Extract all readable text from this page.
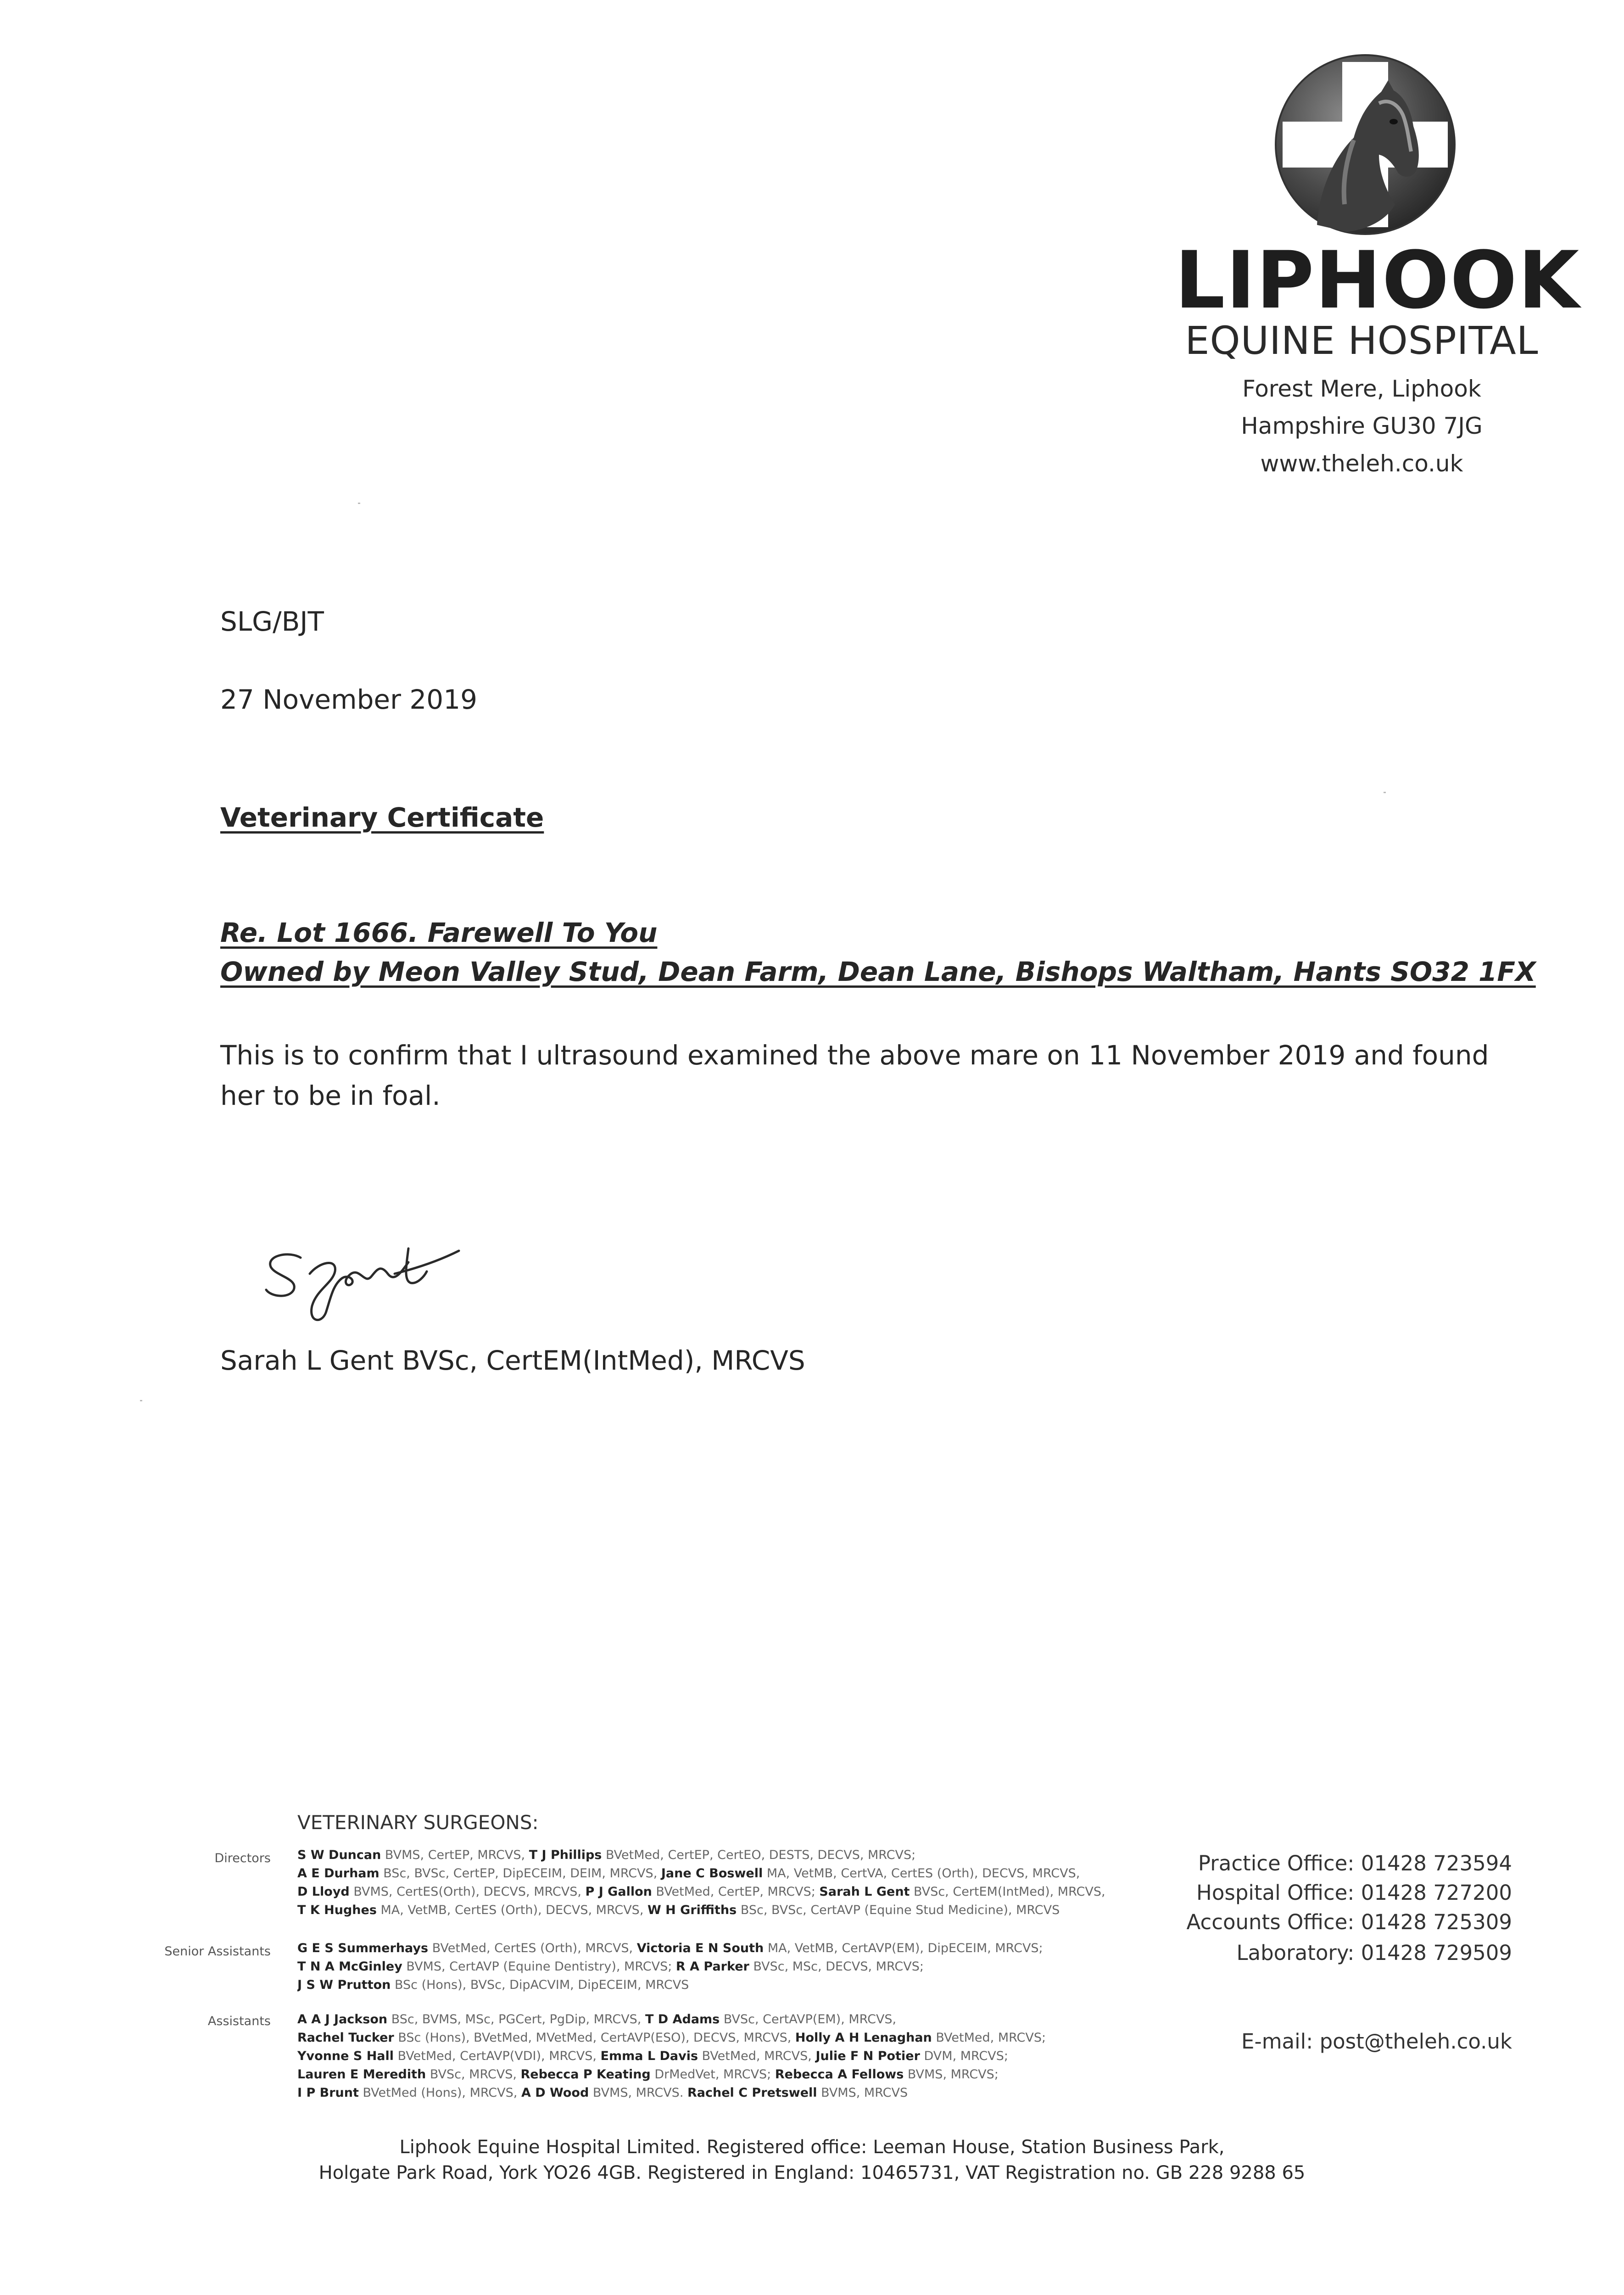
LIPHOOK
EQUINE HOSPITAL
Forest Mere, Liphook
Hampshire GU30 7JG
www.theleh.co.uk
SLG/BJT
27 November 2019
Veterinary Certificate
Re. Lot 1666. Farewell To You
Owned by Meon Valley Stud, Dean Farm, Dean Lane, Bishops Waltham, Hants SO32 1FX
This is to confirm that I ultrasound examined the above mare on 11 November 2019 and found her to be in foal.
Sarah L Gent BVSc, CertEM(IntMed), MRCVS
VETERINARY SURGEONS:
Directors
Senior Assistants
Assistants
S W Duncan BVMS, CertEP, MRCVS, T J Phillips BVetMed, CertEP, CertEO, DESTS, DECVS, MRCVS;
A E Durham BSc, BVSc, CertEP, DipECEIM, DEIM, MRCVS, Jane C Boswell MA, VetMB, CertVA, CertES (Orth), DECVS, MRCVS,
D Lloyd BVMS, CertES(Orth), DECVS, MRCVS, P J Gallon BVetMed, CertEP, MRCVS; Sarah L Gent BVSc, CertEM(IntMed), MRCVS,
T K Hughes MA, VetMB, CertES (Orth), DECVS, MRCVS, W H Griffiths BSc, BVSc, CertAVP (Equine Stud Medicine), MRCVS
G E S Summerhays BVetMed, CertES (Orth), MRCVS, Victoria E N South MA, VetMB, CertAVP(EM), DipECEIM, MRCVS;
T N A McGinley BVMS, CertAVP (Equine Dentistry), MRCVS; R A Parker BVSc, MSc, DECVS, MRCVS;
J S W Prutton BSc (Hons), BVSc, DipACVIM, DipECEIM, MRCVS
A A J Jackson BSc, BVMS, MSc, PGCert, PgDip, MRCVS, T D Adams BVSc, CertAVP(EM), MRCVS,
Rachel Tucker BSc (Hons), BVetMed, MVetMed, CertAVP(ESO), DECVS, MRCVS, Holly A H Lenaghan BVetMed, MRCVS;
Yvonne S Hall BVetMed, CertAVP(VDI), MRCVS, Emma L Davis BVetMed, MRCVS, Julie F N Potier DVM, MRCVS;
Lauren E Meredith BVSc, MRCVS, Rebecca P Keating DrMedVet, MRCVS; Rebecca A Fellows BVMS, MRCVS;
I P Brunt BVetMed (Hons), MRCVS, A D Wood BVMS, MRCVS. Rachel C Pretswell BVMS, MRCVS
Practice Office: 01428 723594
Hospital Office: 01428 727200
Accounts Office: 01428 725309
Laboratory: 01428 729509
E-mail: post@theleh.co.uk
Liphook Equine Hospital Limited. Registered office: Leeman House, Station Business Park,
Holgate Park Road, York YO26 4GB. Registered in England: 10465731, VAT Registration no. GB 228 9288 65
